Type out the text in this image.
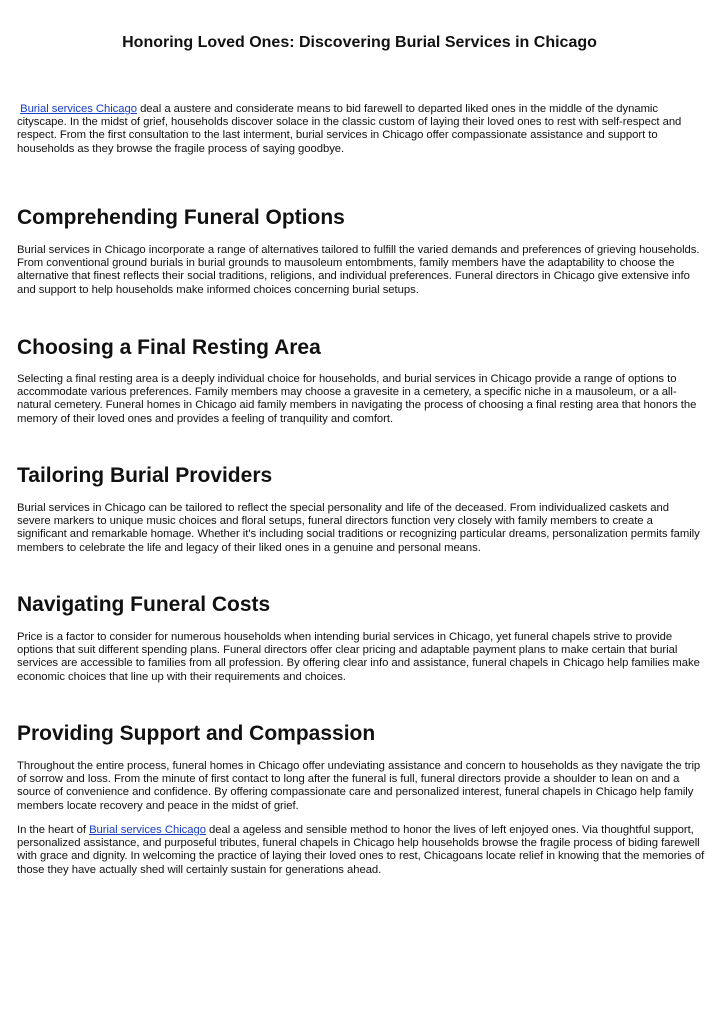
Honoring Loved Ones: Discovering Burial Services in Chicago

Burial services Chicago deal a austere and considerate means to bid farewell to departed liked ones in the middle of the dynamic cityscape. In the midst of grief, households discover solace in the classic custom of laying their loved ones to rest with self-respect and respect. From the first consultation to the last interment, burial services in Chicago offer compassionate assistance and support to households as they browse the fragile process of saying goodbye.

Comprehending Funeral Options

Burial services in Chicago incorporate a range of alternatives tailored to fulfill the varied demands and preferences of grieving households. From conventional ground burials in burial grounds to mausoleum entombments, family members have the adaptability to choose the alternative that finest reflects their social traditions, religions, and individual preferences. Funeral directors in Chicago give extensive info and support to help households make informed choices concerning burial setups.

Choosing a Final Resting Area

Selecting a final resting area is a deeply individual choice for households, and burial services in Chicago provide a range of options to accommodate various preferences. Family members may choose a gravesite in a cemetery, a specific niche in a mausoleum, or a all-natural cemetery. Funeral homes in Chicago aid family members in navigating the process of choosing a final resting area that honors the memory of their loved ones and provides a feeling of tranquility and comfort.

Tailoring Burial Providers

Burial services in Chicago can be tailored to reflect the special personality and life of the deceased. From individualized caskets and severe markers to unique music choices and floral setups, funeral directors function very closely with family members to create a significant and remarkable homage. Whether it's including social traditions or recognizing particular dreams, personalization permits family members to celebrate the life and legacy of their liked ones in a genuine and personal means.

Navigating Funeral Costs

Price is a factor to consider for numerous households when intending burial services in Chicago, yet funeral chapels strive to provide options that suit different spending plans. Funeral directors offer clear pricing and adaptable payment plans to make certain that burial services are accessible to families from all profession. By offering clear info and assistance, funeral chapels in Chicago help families make economic choices that line up with their requirements and choices.

Providing Support and Compassion

Throughout the entire process, funeral homes in Chicago offer undeviating assistance and concern to households as they navigate the trip of sorrow and loss. From the minute of first contact to long after the funeral is full, funeral directors provide a shoulder to lean on and a source of convenience and confidence. By offering compassionate care and personalized interest, funeral chapels in Chicago help family members locate recovery and peace in the midst of grief.

In the heart of Burial services Chicago deal a ageless and sensible method to honor the lives of left enjoyed ones. Via thoughtful support, personalized assistance, and purposeful tributes, funeral chapels in Chicago help households browse the fragile process of biding farewell with grace and dignity. In welcoming the practice of laying their loved ones to rest, Chicagoans locate relief in knowing that the memories of those they have actually shed will certainly sustain for generations ahead.
